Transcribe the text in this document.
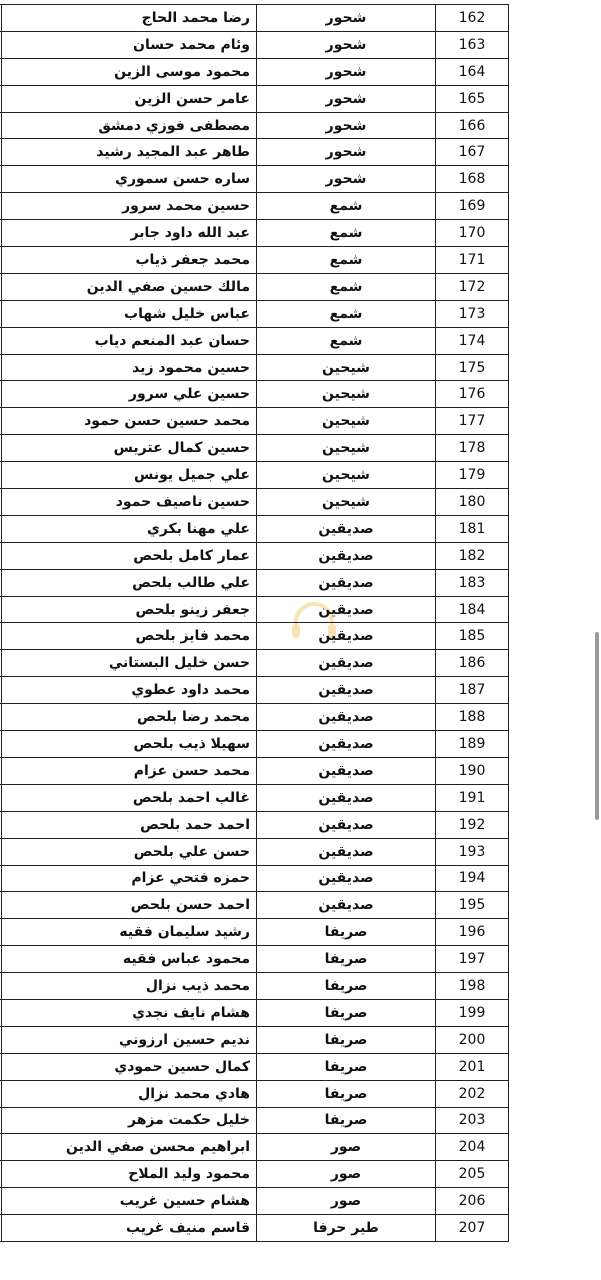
	رضا محمد الحاج	شحور	162
	وئام محمد حسان	شحور	163
	محمود موسى الزين	شحور	164
	عامر حسن الزين	شحور	165
	مصطفى فوزي دمشق	شحور	166
	طاهر عبد المجيد رشيد	شحور	167
	ساره حسن سموري	شحور	168
	حسين محمد سرور	شمع	169
	عبد الله داود جابر	شمع	170
	محمد جعفر ذياب	شمع	171
	مالك حسين صفي الدين	شمع	172
	عباس خليل شهاب	شمع	173
	حسان عبد المنعم دياب	شمع	174
	حسين محمود زيد	شيحين	175
	حسين علي سرور	شيحين	176
	محمد حسين حسن حمود	شيحين	177
	حسين كمال عتريس	شيحين	178
	علي جميل يونس	شيحين	179
	حسين ناصيف حمود	شيحين	180
	علي مهنا بكري	صديقين	181
	عمار كامل بلحص	صديقين	182
	علي طالب بلحص	صديقين	183
	جعفر زينو بلحص	صديقين	184
	محمد فايز بلحص	صديقين	185
	حسن خليل البستاني	صديقين	186
	محمد داود عطوي	صديقين	187
	محمد رضا بلحص	صديقين	188
	سهيلا ذيب بلحص	صديقين	189
	محمد حسن عزام	صديقين	190
	غالب احمد بلحص	صديقين	191
	احمد حمد بلحص	صديقين	192
	حسن علي بلحص	صديقين	193
	حمزه فتحي عزام	صديقين	194
	احمد حسن بلحص	صديقين	195
	رشيد سليمان فقيه	صريفا	196
	محمود عباس فقيه	صريفا	197
	محمد ذيب نزال	صريفا	198
	هشام نايف نجدي	صريفا	199
	نديم حسين ارزوني	صريفا	200
	كمال حسين حمودي	صريفا	201
	هادي محمد نزال	صريفا	202
	خليل حكمت مزهر	صريفا	203
	ابراهيم محسن صفي الدين	صور	204
	محمود وليد الملاح	صور	205
	هشام حسين غريب	صور	206
	قاسم منيف غريب	طير حرفا	207
